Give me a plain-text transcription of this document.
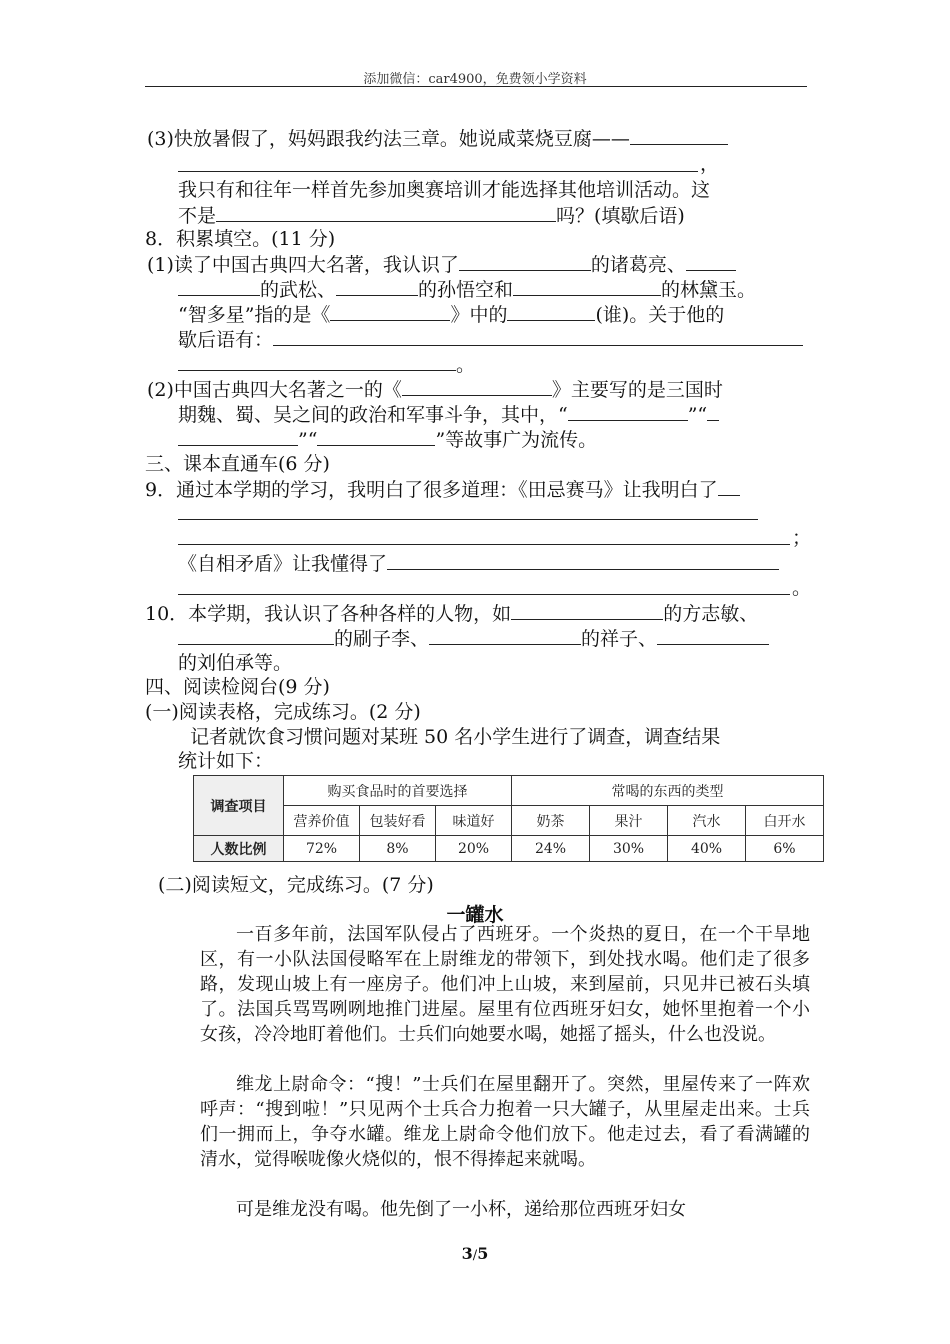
添加微信：car4900，免费领小学资料
(3)快放暑假了，妈妈跟我约法三章。她说咸菜烧豆腐——
，
我只有和往年一样首先参加奥赛培训才能选择其他培训活动。这
不是	吗？(填歇后语)
8．积累填空。(11 分)
(1)读了中国古典四大名著，我认识了	的诸葛亮、
的武松、	的孙悟空和	的林黛玉。
“智多星”指的是《	》中的	(谁)。关于他的
歇后语有：
。
(2)中国古典四大名著之一的《	》主要写的是三国时
期魏、蜀、吴之间的政治和军事斗争，其中，“	”“
”“	”等故事广为流传。
三、课本直通车(6 分)
9．通过本学期的学习，我明白了很多道理：《田忌赛马》让我明白了
；
《自相矛盾》让我懂得了
。
10．本学期，我认识了各种各样的人物，如	的方志敏、
的刷子李、	的祥子、
的刘伯承等。
四、阅读检阅台(9 分)
(一)阅读表格，完成练习。(2 分)
记者就饮食习惯问题对某班 50 名小学生进行了调查，调查结果
统计如下：
调查项目	购买食品时的首要选择			常喝的东西的类型			
	营养价值	包装好看	味道好	奶茶	果汁	汽水	白开水
人数比例	72%	8%	20%	24%	30%	40%	6%
(二)阅读短文，完成练习。(7 分)
一罐水
一百多年前，法国军队侵占了西班牙。一个炎热的夏日，在一个干旱地区，有一小队法国侵略军在上尉维龙的带领下，到处找水喝。他们走了很多路，发现山坡上有一座房子。他们冲上山坡，来到屋前，只见井已被石头填了。法国兵骂骂咧咧地推门进屋。屋里有位西班牙妇女，她怀里抱着一个小女孩，冷冷地盯着他们。士兵们向她要水喝，她摇了摇头，什么也没说。
维龙上尉命令：“搜！”士兵们在屋里翻开了。突然，里屋传来了一阵欢呼声：“搜到啦！”只见两个士兵合力抱着一只大罐子，从里屋走出来。士兵们一拥而上，争夺水罐。维龙上尉命令他们放下。他走过去，看了看满罐的清水，觉得喉咙像火烧似的，恨不得捧起来就喝。
可是维龙没有喝。他先倒了一小杯，递给那位西班牙妇女
3/5
